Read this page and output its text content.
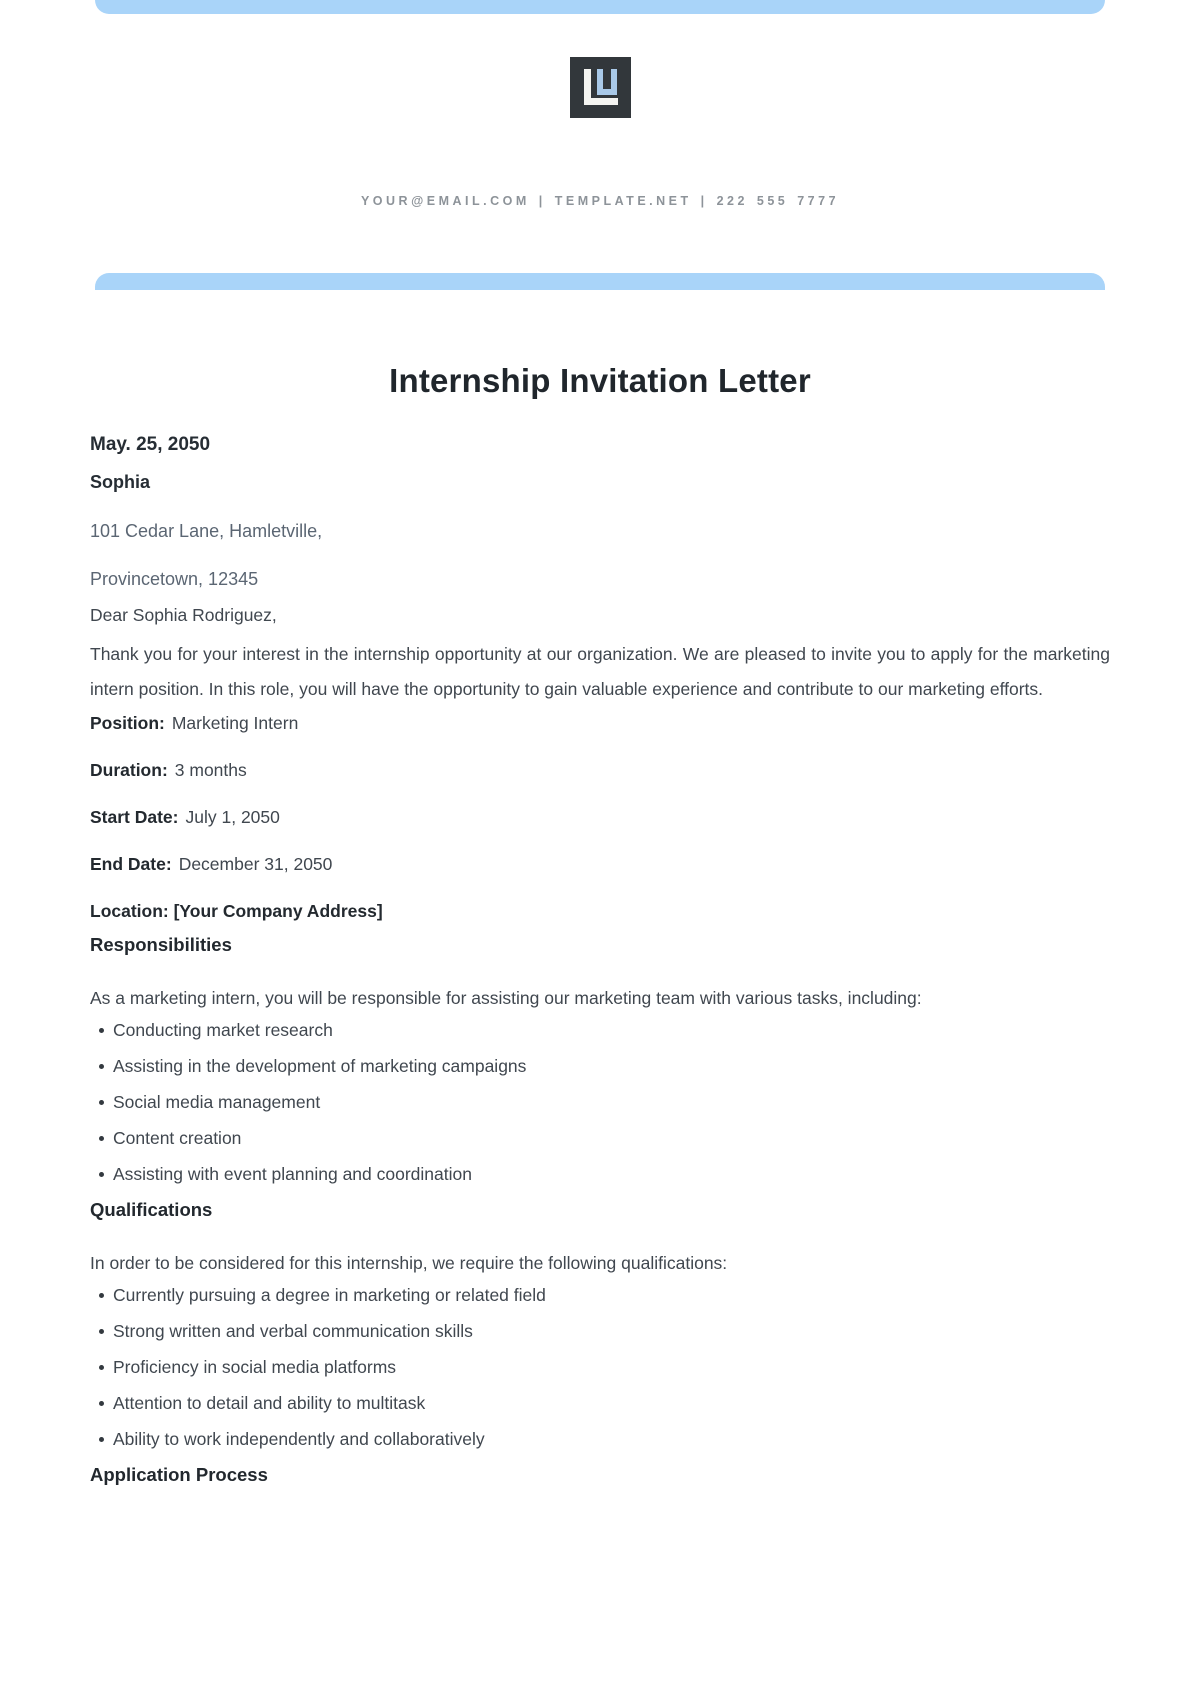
YOUR@EMAIL.COM | TEMPLATE.NET | 222 555 7777
Internship Invitation Letter
May. 25, 2050
Sophia
101 Cedar Lane, Hamletville,
Provincetown, 12345
Dear Sophia Rodriguez,

Thank you for your interest in the internship opportunity at our organization. We are pleased to invite you to apply for the marketing intern position. In this role, you will have the opportunity to gain valuable experience and contribute to our marketing efforts.

Position: Marketing Intern
Duration: 3 months
Start Date: July 1, 2050
End Date: December 31, 2050
Location: [Your Company Address]
Responsibilities

As a marketing intern, you will be responsible for assisting our marketing team with various tasks, including:

Conducting market research
Assisting in the development of marketing campaigns
Social media management
Content creation
Assisting with event planning and coordination
Qualifications

In order to be considered for this internship, we require the following qualifications:

Currently pursuing a degree in marketing or related field
Strong written and verbal communication skills
Proficiency in social media platforms
Attention to detail and ability to multitask
Ability to work independently and collaboratively
Application Process
